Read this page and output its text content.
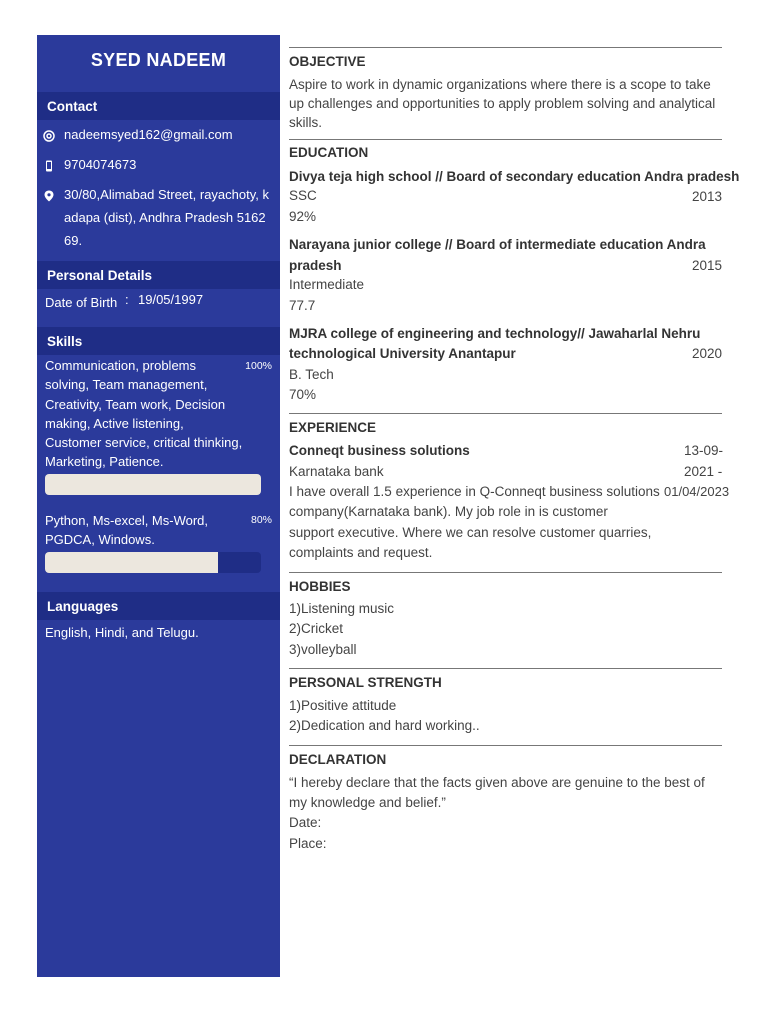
SYED NADEEM
Contact
nadeemsyed162@gmail.com
9704074673
30/80,Alimabad Street, rayachoty, k
adapa (dist), Andhra Pradesh 5162
69.
Personal Details
Date of Birth : 19/05/1997
Skills
Communication, problems
solving, Team management,
Creativity, Team work, Decision
making, Active listening,
Customer service, critical thinking,
Marketing, Patience.
100%
Python, Ms-excel, Ms-Word,
PGDCA, Windows.
80%
Languages
English, Hindi, and Telugu.
OBJECTIVE
Aspire to work in dynamic organizations where there is a scope to take
up challenges and opportunities to apply problem solving and analytical
skills.
EDUCATION
Divya teja high school // Board of secondary education Andra pradesh
2013
SSC
92%
Narayana junior college // Board of intermediate education Andra
pradesh	2015
Intermediate
77.7
MJRA college of engineering and technology// Jawaharlal Nehru
technological University Anantapur	2020
B. Tech
70%
EXPERIENCE
Conneqt business solutions
Karnataka bank
13-09-
2021 -
01/04/2023
I have overall 1.5 experience in Q-Conneqt business solutions
company(Karnataka bank). My job role in is customer
support executive. Where we can resolve customer quarries,
complaints and request.
HOBBIES
1)Listening music
2)Cricket
3)volleyball
PERSONAL STRENGTH
1)Positive attitude
2)Dedication and hard working..
DECLARATION
“I hereby declare that the facts given above are genuine to the best of
my knowledge and belief.”
Date:
Place:
